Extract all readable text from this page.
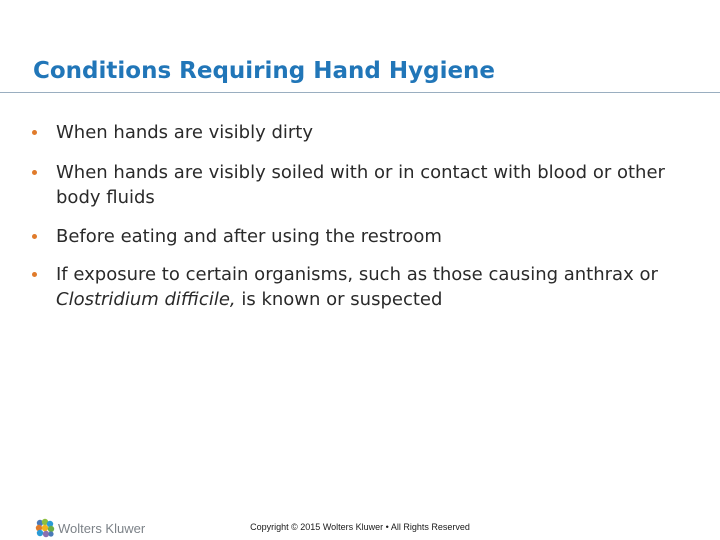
Conditions Requiring Hand Hygiene
When hands are visibly dirty
When hands are visibly soiled with or in contact with blood or other body fluids
Before eating and after using the restroom
If exposure to certain organisms, such as those causing anthrax or Clostridium difficile, is known or suspected
Wolters Kluwer	Copyright © 2015 Wolters Kluwer • All Rights Reserved
